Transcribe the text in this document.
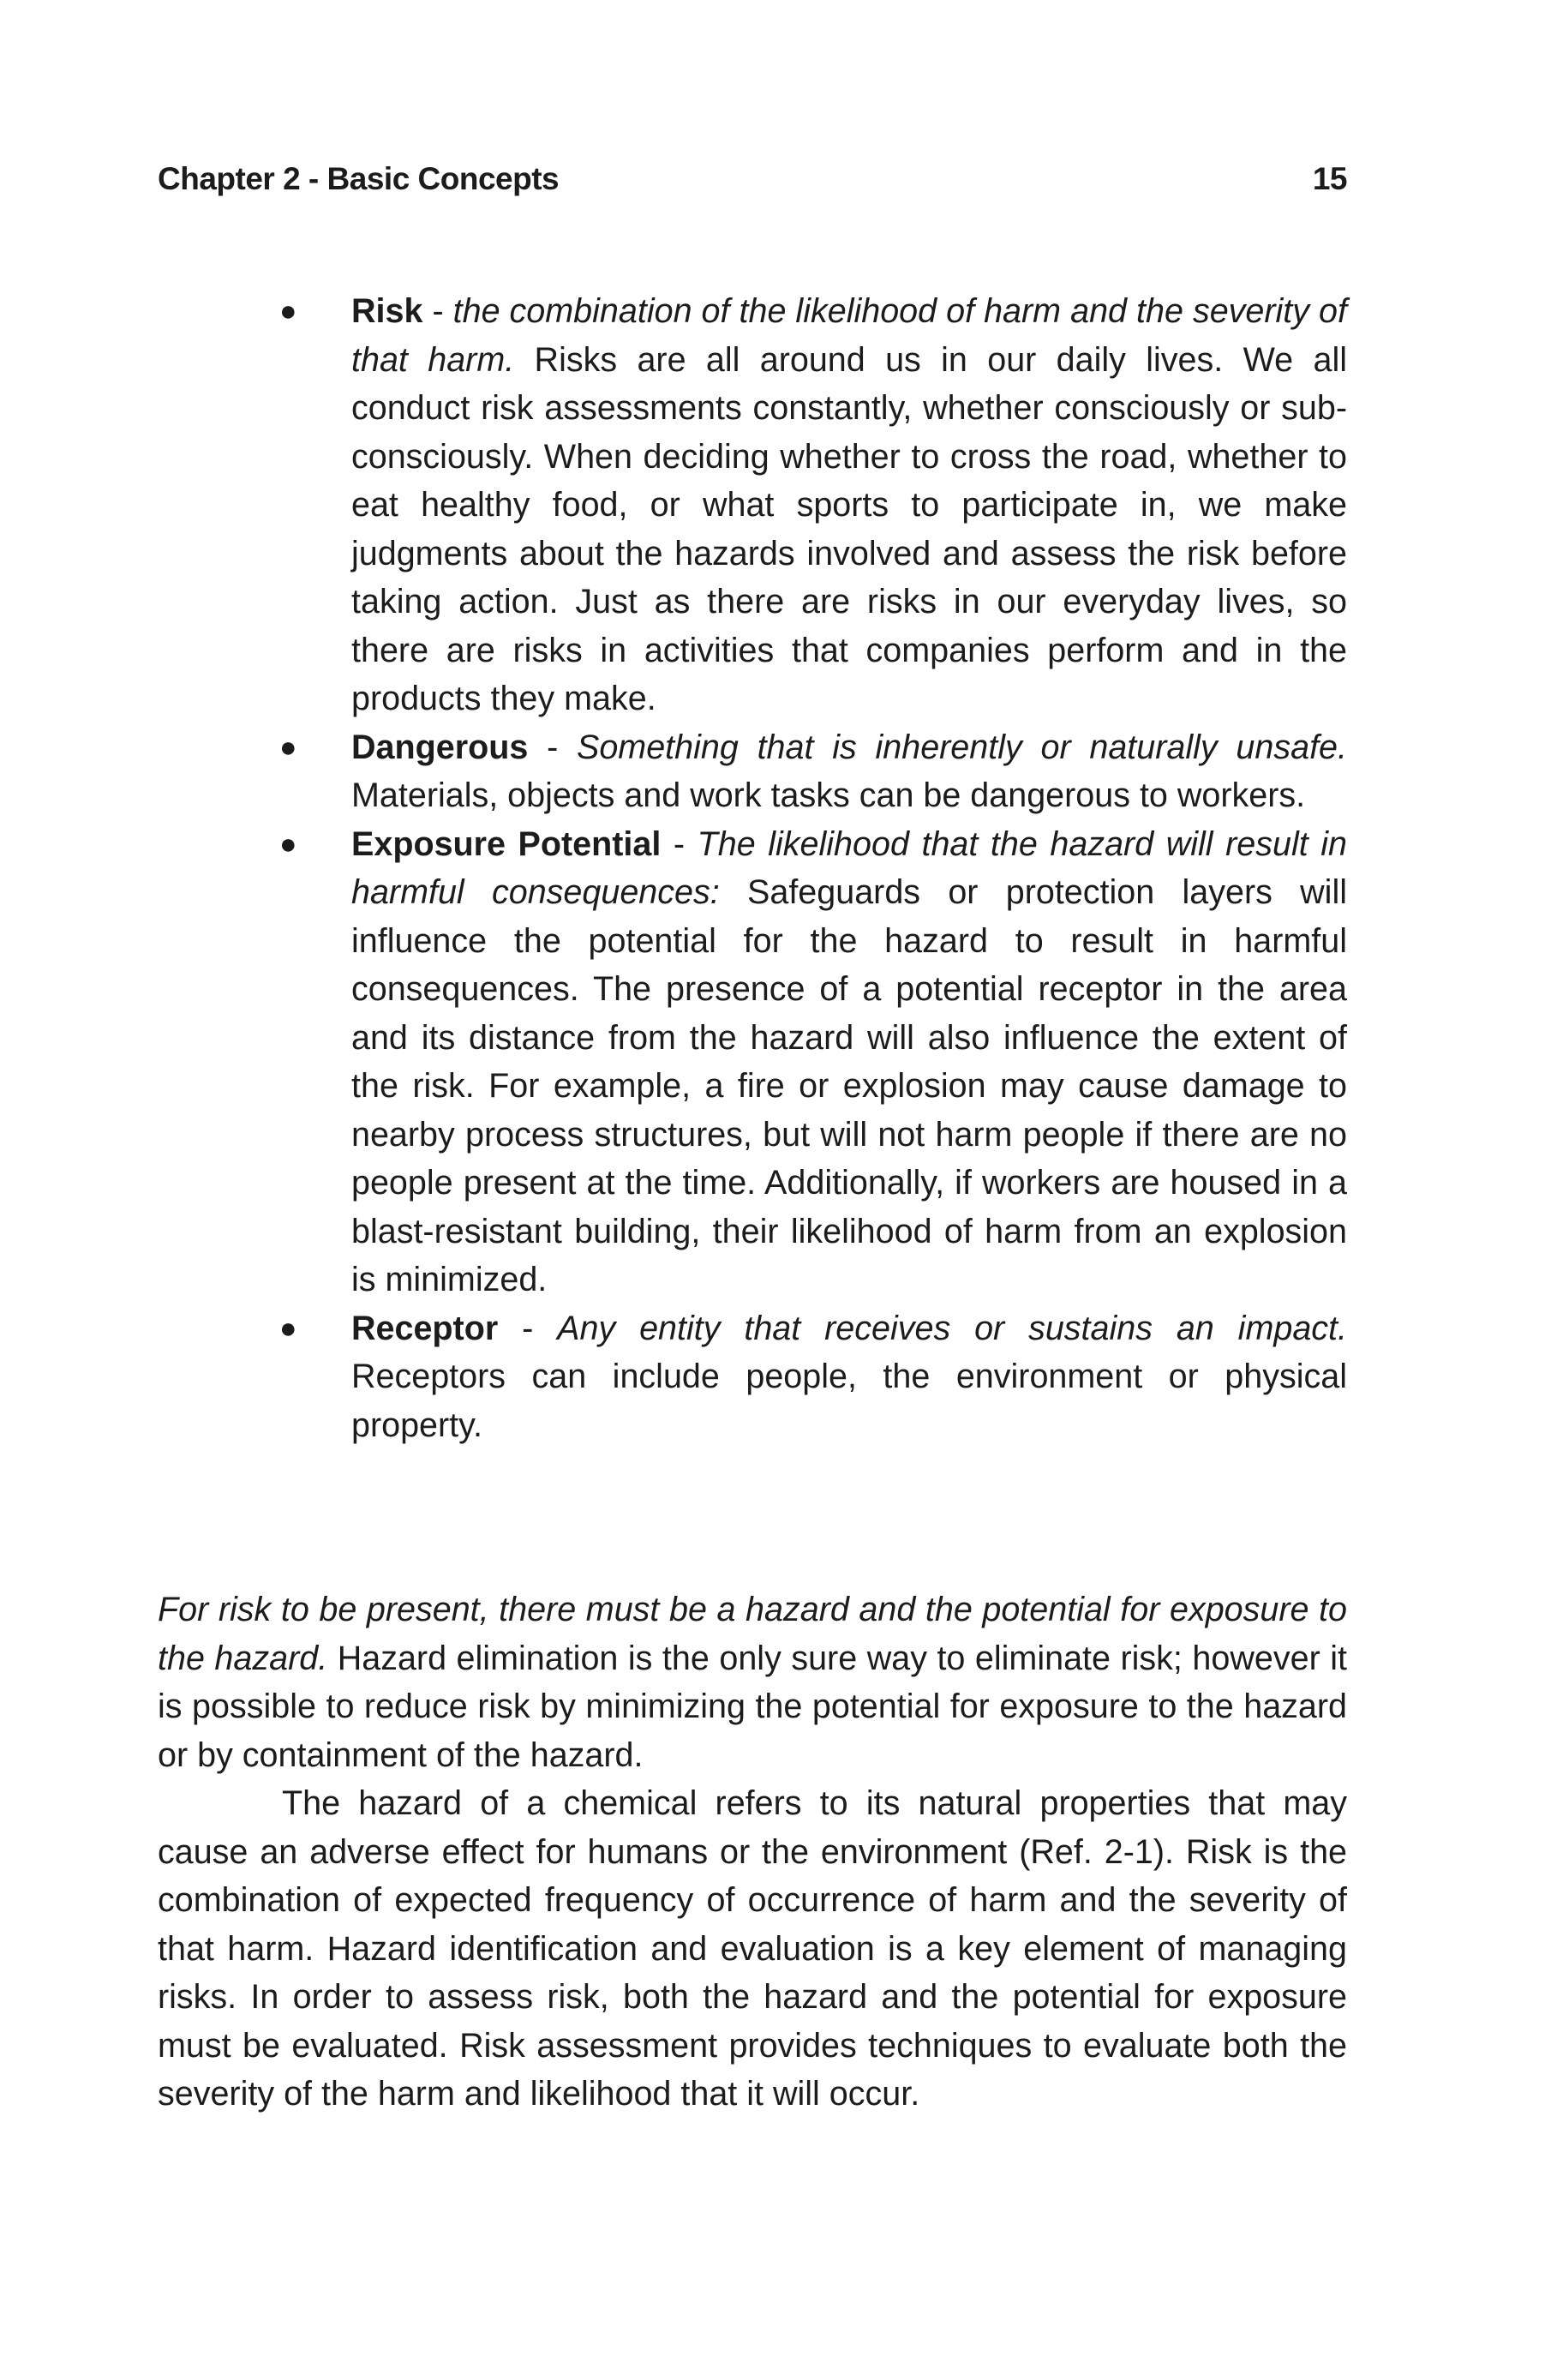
Chapter 2 - Basic Concepts	15
● Risk - the combination of the likelihood of harm and the severity of that harm. Risks are all around us in our daily lives. We all conduct risk assessments constantly, whether consciously or sub-consciously. When deciding whether to cross the road, whether to eat healthy food, or what sports to participate in, we make judgments about the hazards involved and assess the risk before taking action. Just as there are risks in our everyday lives, so there are risks in activities that companies perform and in the products they make.
● Dangerous - Something that is inherently or naturally unsafe. Materials, objects and work tasks can be dangerous to workers.
● Exposure Potential - The likelihood that the hazard will result in harmful consequences: Safeguards or protection layers will influence the potential for the hazard to result in harmful consequences. The presence of a potential receptor in the area and its distance from the hazard will also influence the extent of the risk. For example, a fire or explosion may cause damage to nearby process structures, but will not harm people if there are no people present at the time. Additionally, if workers are housed in a blast-resistant building, their likelihood of harm from an explosion is minimized.
● Receptor - Any entity that receives or sustains an impact. Receptors can include people, the environment or physical property.

For risk to be present, there must be a hazard and the potential for exposure to the hazard. Hazard elimination is the only sure way to eliminate risk; however it is possible to reduce risk by minimizing the potential for exposure to the hazard or by containment of the hazard.

The hazard of a chemical refers to its natural properties that may cause an adverse effect for humans or the environment (Ref. 2-1). Risk is the combination of expected frequency of occurrence of harm and the severity of that harm. Hazard identification and evaluation is a key element of managing risks. In order to assess risk, both the hazard and the potential for exposure must be evaluated. Risk assessment provides techniques to evaluate both the severity of the harm and likelihood that it will occur.
